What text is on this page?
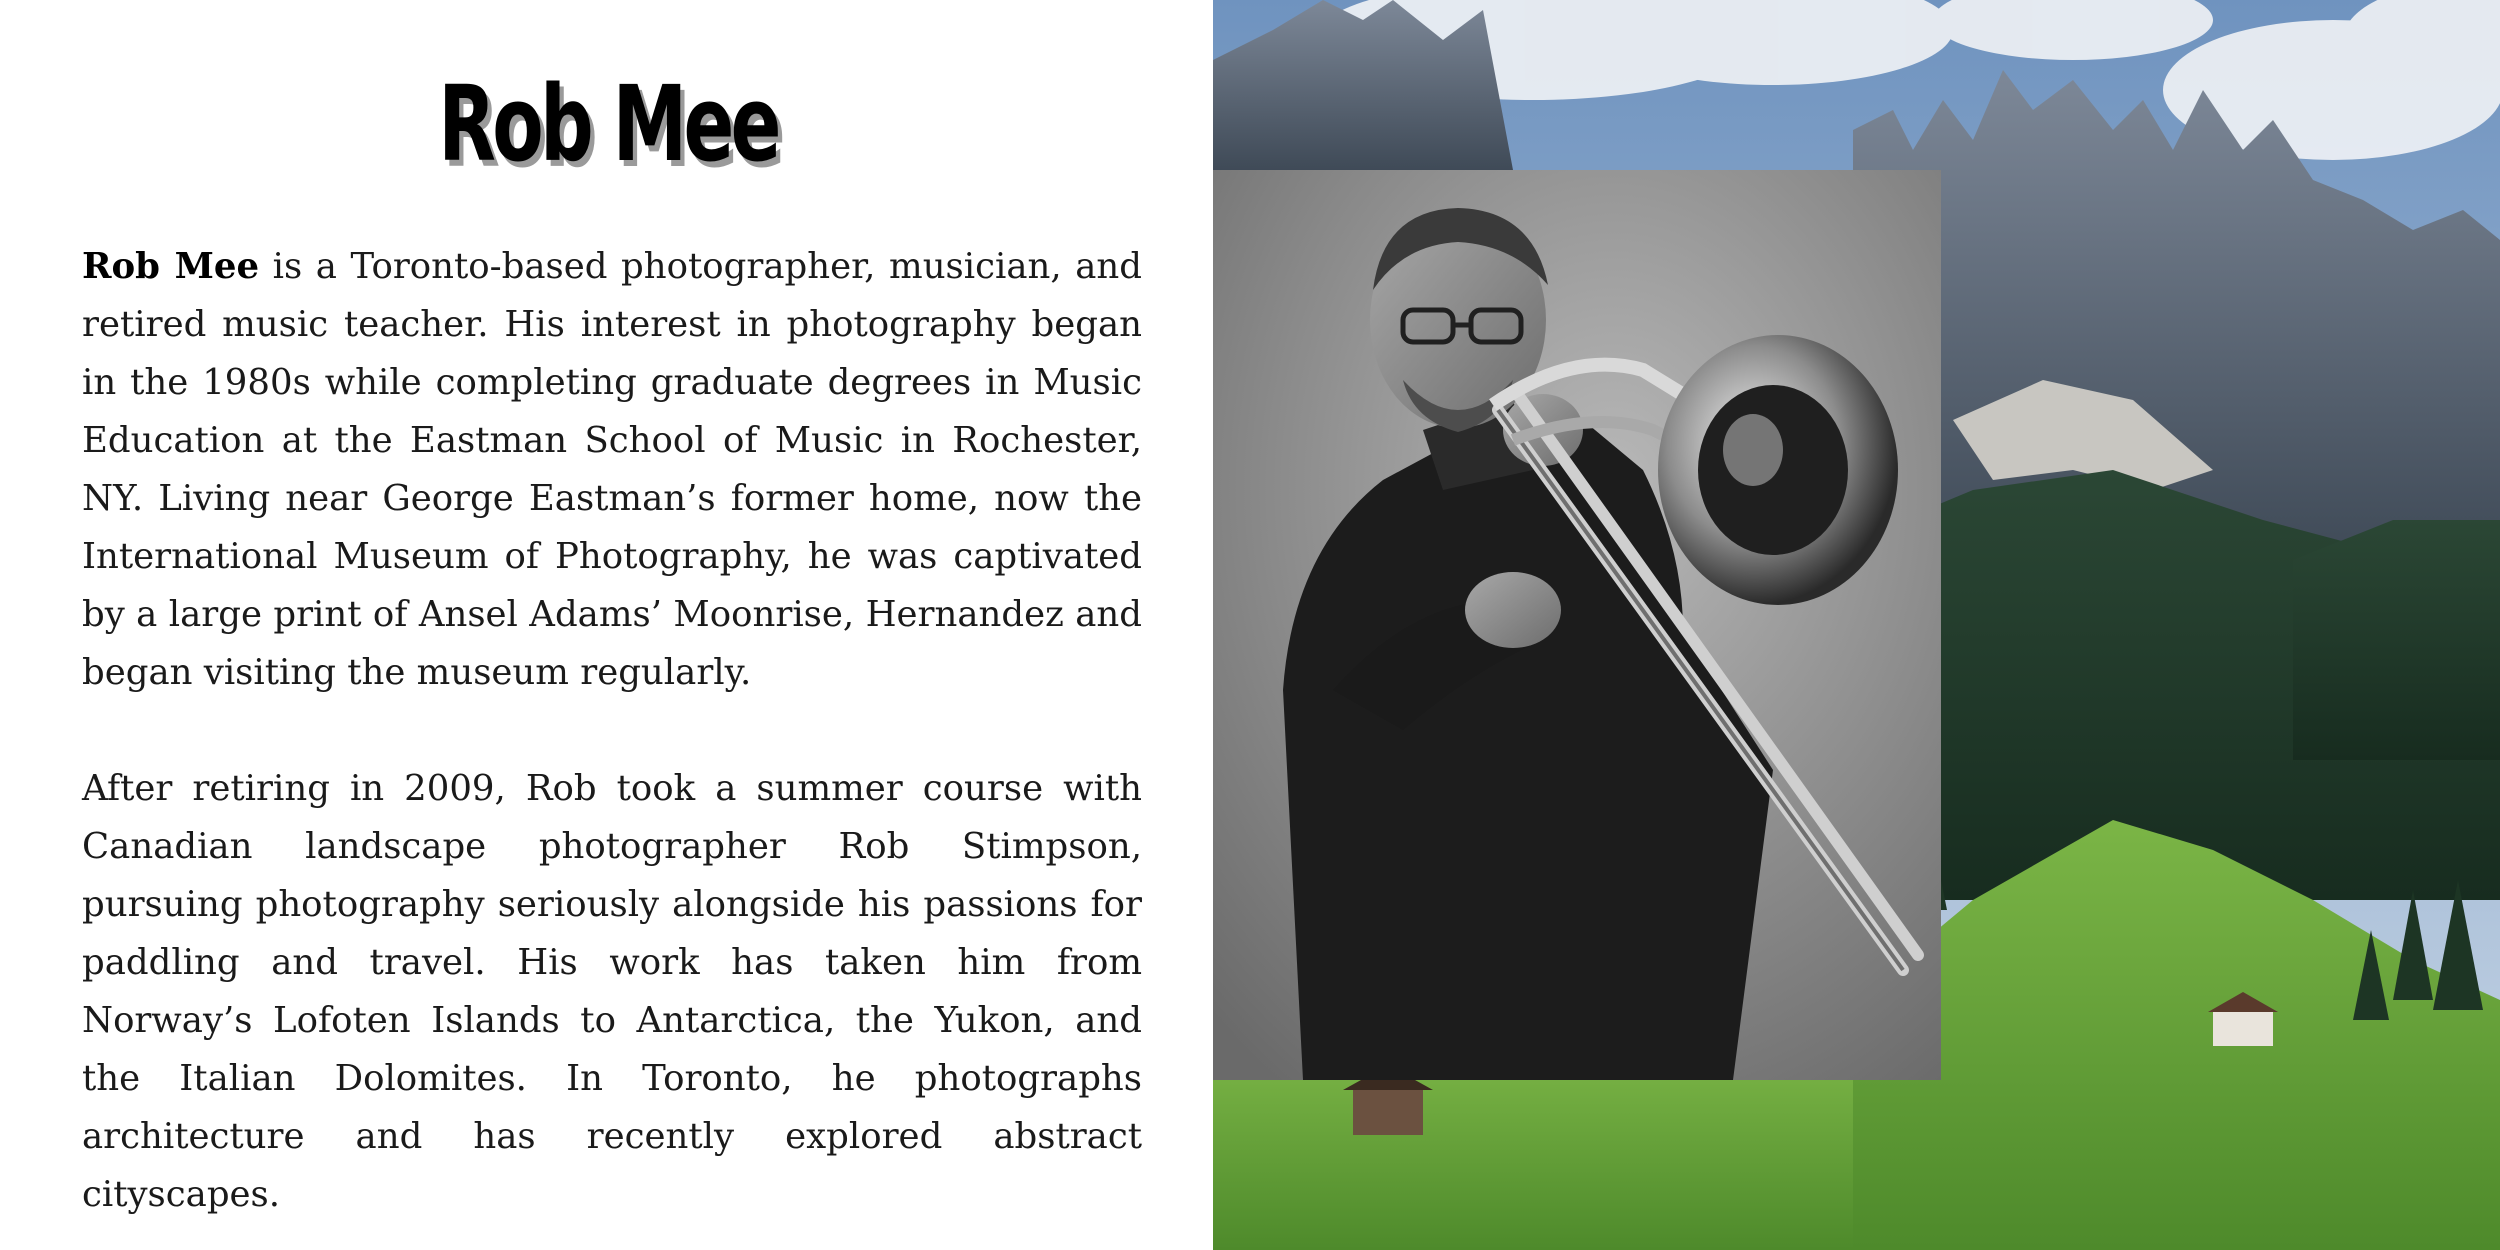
Rob Mee

Rob Mee is a Toronto-based photographer, musician, and retired music teacher. His interest in photography began in the 1980s while completing graduate degrees in Music Education at the Eastman School of Music in Rochester, NY. Living near George Eastman’s former home, now the International Museum of Photography, he was captivated by a large print of Ansel Adams’ Moonrise, Hernandez and began visiting the museum regularly.

After retiring in 2009, Rob took a summer course with Canadian landscape photographer Rob Stimpson, pursuing photography seriously alongside his passions for paddling and travel. His work has taken him from Norway’s Lofoten Islands to Antarctica, the Yukon, and the Italian Dolomites. In Toronto, he photographs architecture and has recently explored abstract cityscapes.
